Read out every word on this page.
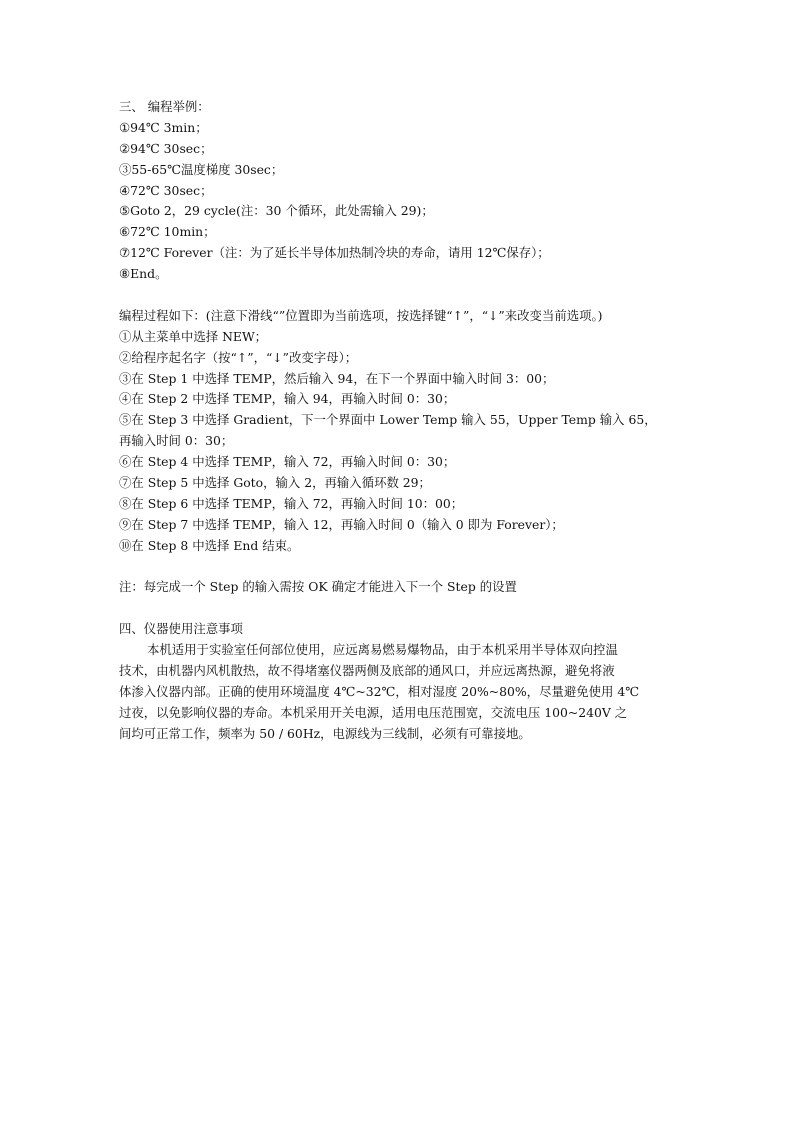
三、 编程举例：
①94℃ 3min；
②94℃ 30sec；
③55-65℃温度梯度 30sec；
④72℃ 30sec；
⑤Goto 2，29 cycle(注：30 个循环，此处需输入 29)；
⑥72℃ 10min；
⑦12℃ Forever（注：为了延长半导体加热制冷块的寿命，请用 12℃保存）；
⑧End。
编程过程如下：(注意下滑线“”位置即为当前选项，按选择键“↑”，“↓”来改变当前选项。)
①从主菜单中选择 NEW；
②给程序起名字（按“↑”，“↓”改变字母）；
③在 Step 1 中选择 TEMP，然后输入 94，在下一个界面中输入时间 3：00；
④在 Step 2 中选择 TEMP，输入 94，再输入时间 0：30；
⑤在 Step 3 中选择 Gradient，下一个界面中 Lower Temp 输入 55，Upper Temp 输入 65，
再输入时间 0：30；
⑥在 Step 4 中选择 TEMP，输入 72，再输入时间 0：30；
⑦在 Step 5 中选择 Goto，输入 2，再输入循环数 29；
⑧在 Step 6 中选择 TEMP，输入 72，再输入时间 10：00；
⑨在 Step 7 中选择 TEMP，输入 12，再输入时间 0（输入 0 即为 Forever）；
⑩在 Step 8 中选择 End 结束。
注：每完成一个 Step 的输入需按 OK 确定才能进入下一个 Step 的设置
四、仪器使用注意事项
本机适用于实验室任何部位使用，应远离易燃易爆物品，由于本机采用半导体双向控温
技术，由机器内风机散热，故不得堵塞仪器两侧及底部的通风口，并应远离热源，避免将液
体渗入仪器内部。正确的使用环境温度 4℃~32℃，相对湿度 20%~80%，尽量避免使用 4℃
过夜，以免影响仪器的寿命。本机采用开关电源，适用电压范围宽，交流电压 100~240V 之
间均可正常工作，频率为 50 / 60Hz，电源线为三线制，必须有可靠接地。
